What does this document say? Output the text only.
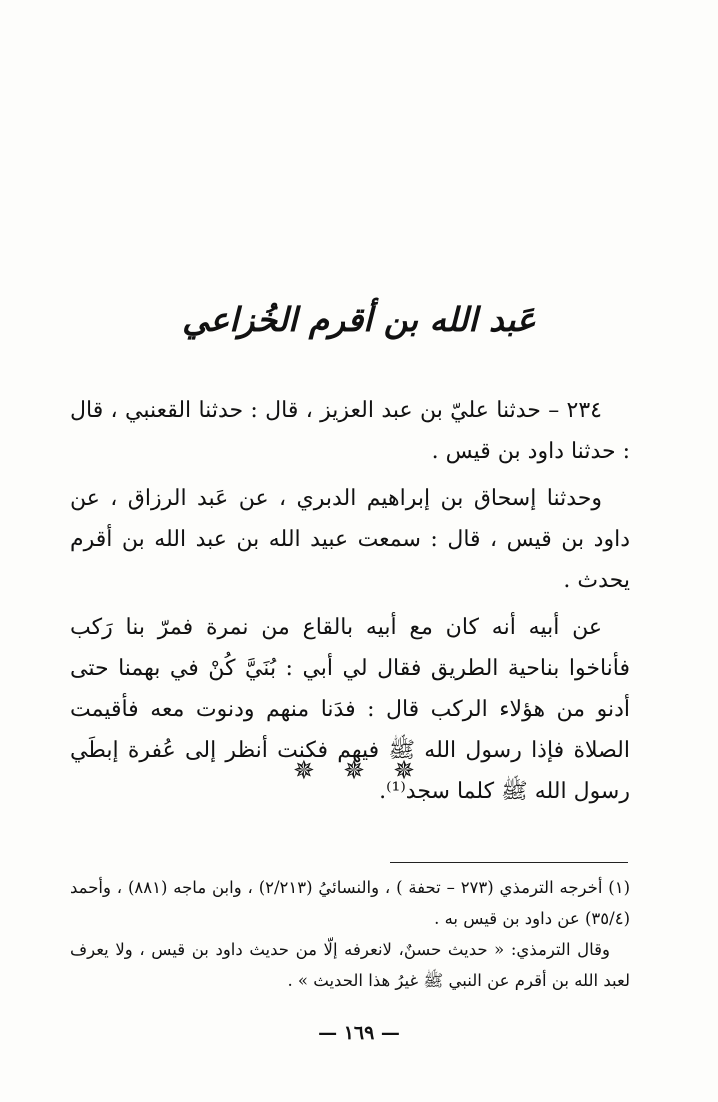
عَبد الله بن أقرم الخُزاعي

٢٣٤ – حدثنا عليّ بن عبد العزيز ، قال : حدثنا القعنبي ، قال : حدثنا داود بن قيس .

وحدثنا إسحاق بن إبراهيم الدبري ، عن عَبد الرزاق ، عن داود بن قيس ، قال : سمعت عبيد الله بن عبد الله بن أقرم يحدث .

عن أبيه أنه كان مع أبيه بالقاع من نمرة فمرّ بنا رَكب فأناخوا بناحية الطريق فقال لي أبي : بُنَيَّ كُنْ في بهمنا حتى أدنو من هؤلاء الركب قال : فدَنا منهم ودنوت معه فأقيمت الصلاة فإذا رسول الله ﷺ فيهم فكنت أنظر إلى عُفرة إبطَي رسول الله ﷺ كلما سجد⁽¹⁾.

✵ ✵ ✵

(١) أخرجه الترمذي (٢٧٣ – تحفة ) ، والنسائيُ (٢/٢١٣) ، وابن ماجه (٨٨١) ، وأحمد (٣٥/٤) عن داود بن قيس به .

وقال الترمذي: « حديث حسنٌ، لانعرفه إلّا من حديث داود بن قيس ، ولا يعرف لعبد الله بن أقرم عن النبي ﷺ غيرُ هذا الحديث » .

— ١٦٩ —
